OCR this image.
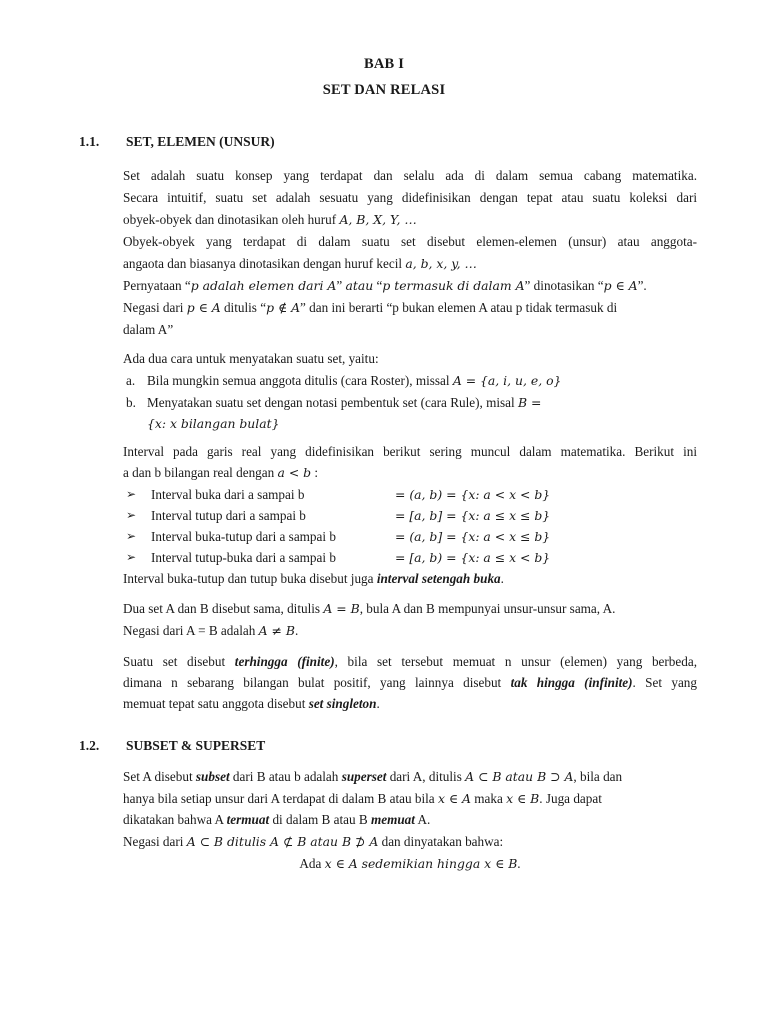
BAB I
SET DAN RELASI
1.1. SET, ELEMEN (UNSUR)
Set adalah suatu konsep yang terdapat dan selalu ada di dalam semua cabang matematika.
Secara intuitif, suatu set adalah sesuatu yang didefinisikan dengan tepat atau suatu koleksi dari
obyek-obyek dan dinotasikan oleh huruf A, B, X, Y, …
Obyek-obyek yang terdapat di dalam suatu set disebut elemen-elemen (unsur) atau anggota-
angaota dan biasanya dinotasikan dengan huruf kecil a, b, x, y, …
Pernyataan “p adalah elemen dari A” atau “p termasuk di dalam A” dinotasikan “p ∈ A”.
Negasi dari p ∈ A ditulis “p ∉ A” dan ini berarti “p bukan elemen A atau p tidak termasuk di
dalam A”
Ada dua cara untuk menyatakan suatu set, yaitu:
a. Bila mungkin semua anggota ditulis (cara Roster), missal A = {a, i, u, e, o}
b. Menyatakan suatu set dengan notasi pembentuk set (cara Rule), misal B =
{x: x bilangan bulat}
Interval pada garis real yang didefinisikan berikut sering muncul dalam matematika. Berikut ini
a dan b bilangan real dengan a < b :
➢ Interval buka dari a sampai b	= (a, b) = {x: a < x < b}
➢ Interval tutup dari a sampai b	= [a, b] = {x: a ≤ x ≤ b}
➢ Interval buka-tutup dari a sampai b	= (a, b] = {x: a < x ≤ b}
➢ Interval tutup-buka dari a sampai b	= [a, b) = {x: a ≤ x < b}
Interval buka-tutup dan tutup buka disebut juga interval setengah buka.
Dua set A dan B disebut sama, ditulis A = B, bula A dan B mempunyai unsur-unsur sama, A.
Negasi dari A = B adalah A ≠ B.
Suatu set disebut terhingga (finite), bila set tersebut memuat n unsur (elemen) yang berbeda,
dimana n sebarang bilangan bulat positif, yang lainnya disebut tak hingga (infinite). Set yang
memuat tepat satu anggota disebut set singleton.
1.2. SUBSET & SUPERSET
Set A disebut subset dari B atau b adalah superset dari A, ditulis A ⊂ B atau B ⊃ A, bila dan
hanya bila setiap unsur dari A terdapat di dalam B atau bila x ∈ A maka x ∈ B. Juga dapat
dikatakan bahwa A termuat di dalam B atau B memuat A.
Negasi dari A ⊂ B ditulis A ⊄ B atau B ⊅ A dan dinyatakan bahwa:
Ada x ∈ A sedemikian hingga x ∈ B.
